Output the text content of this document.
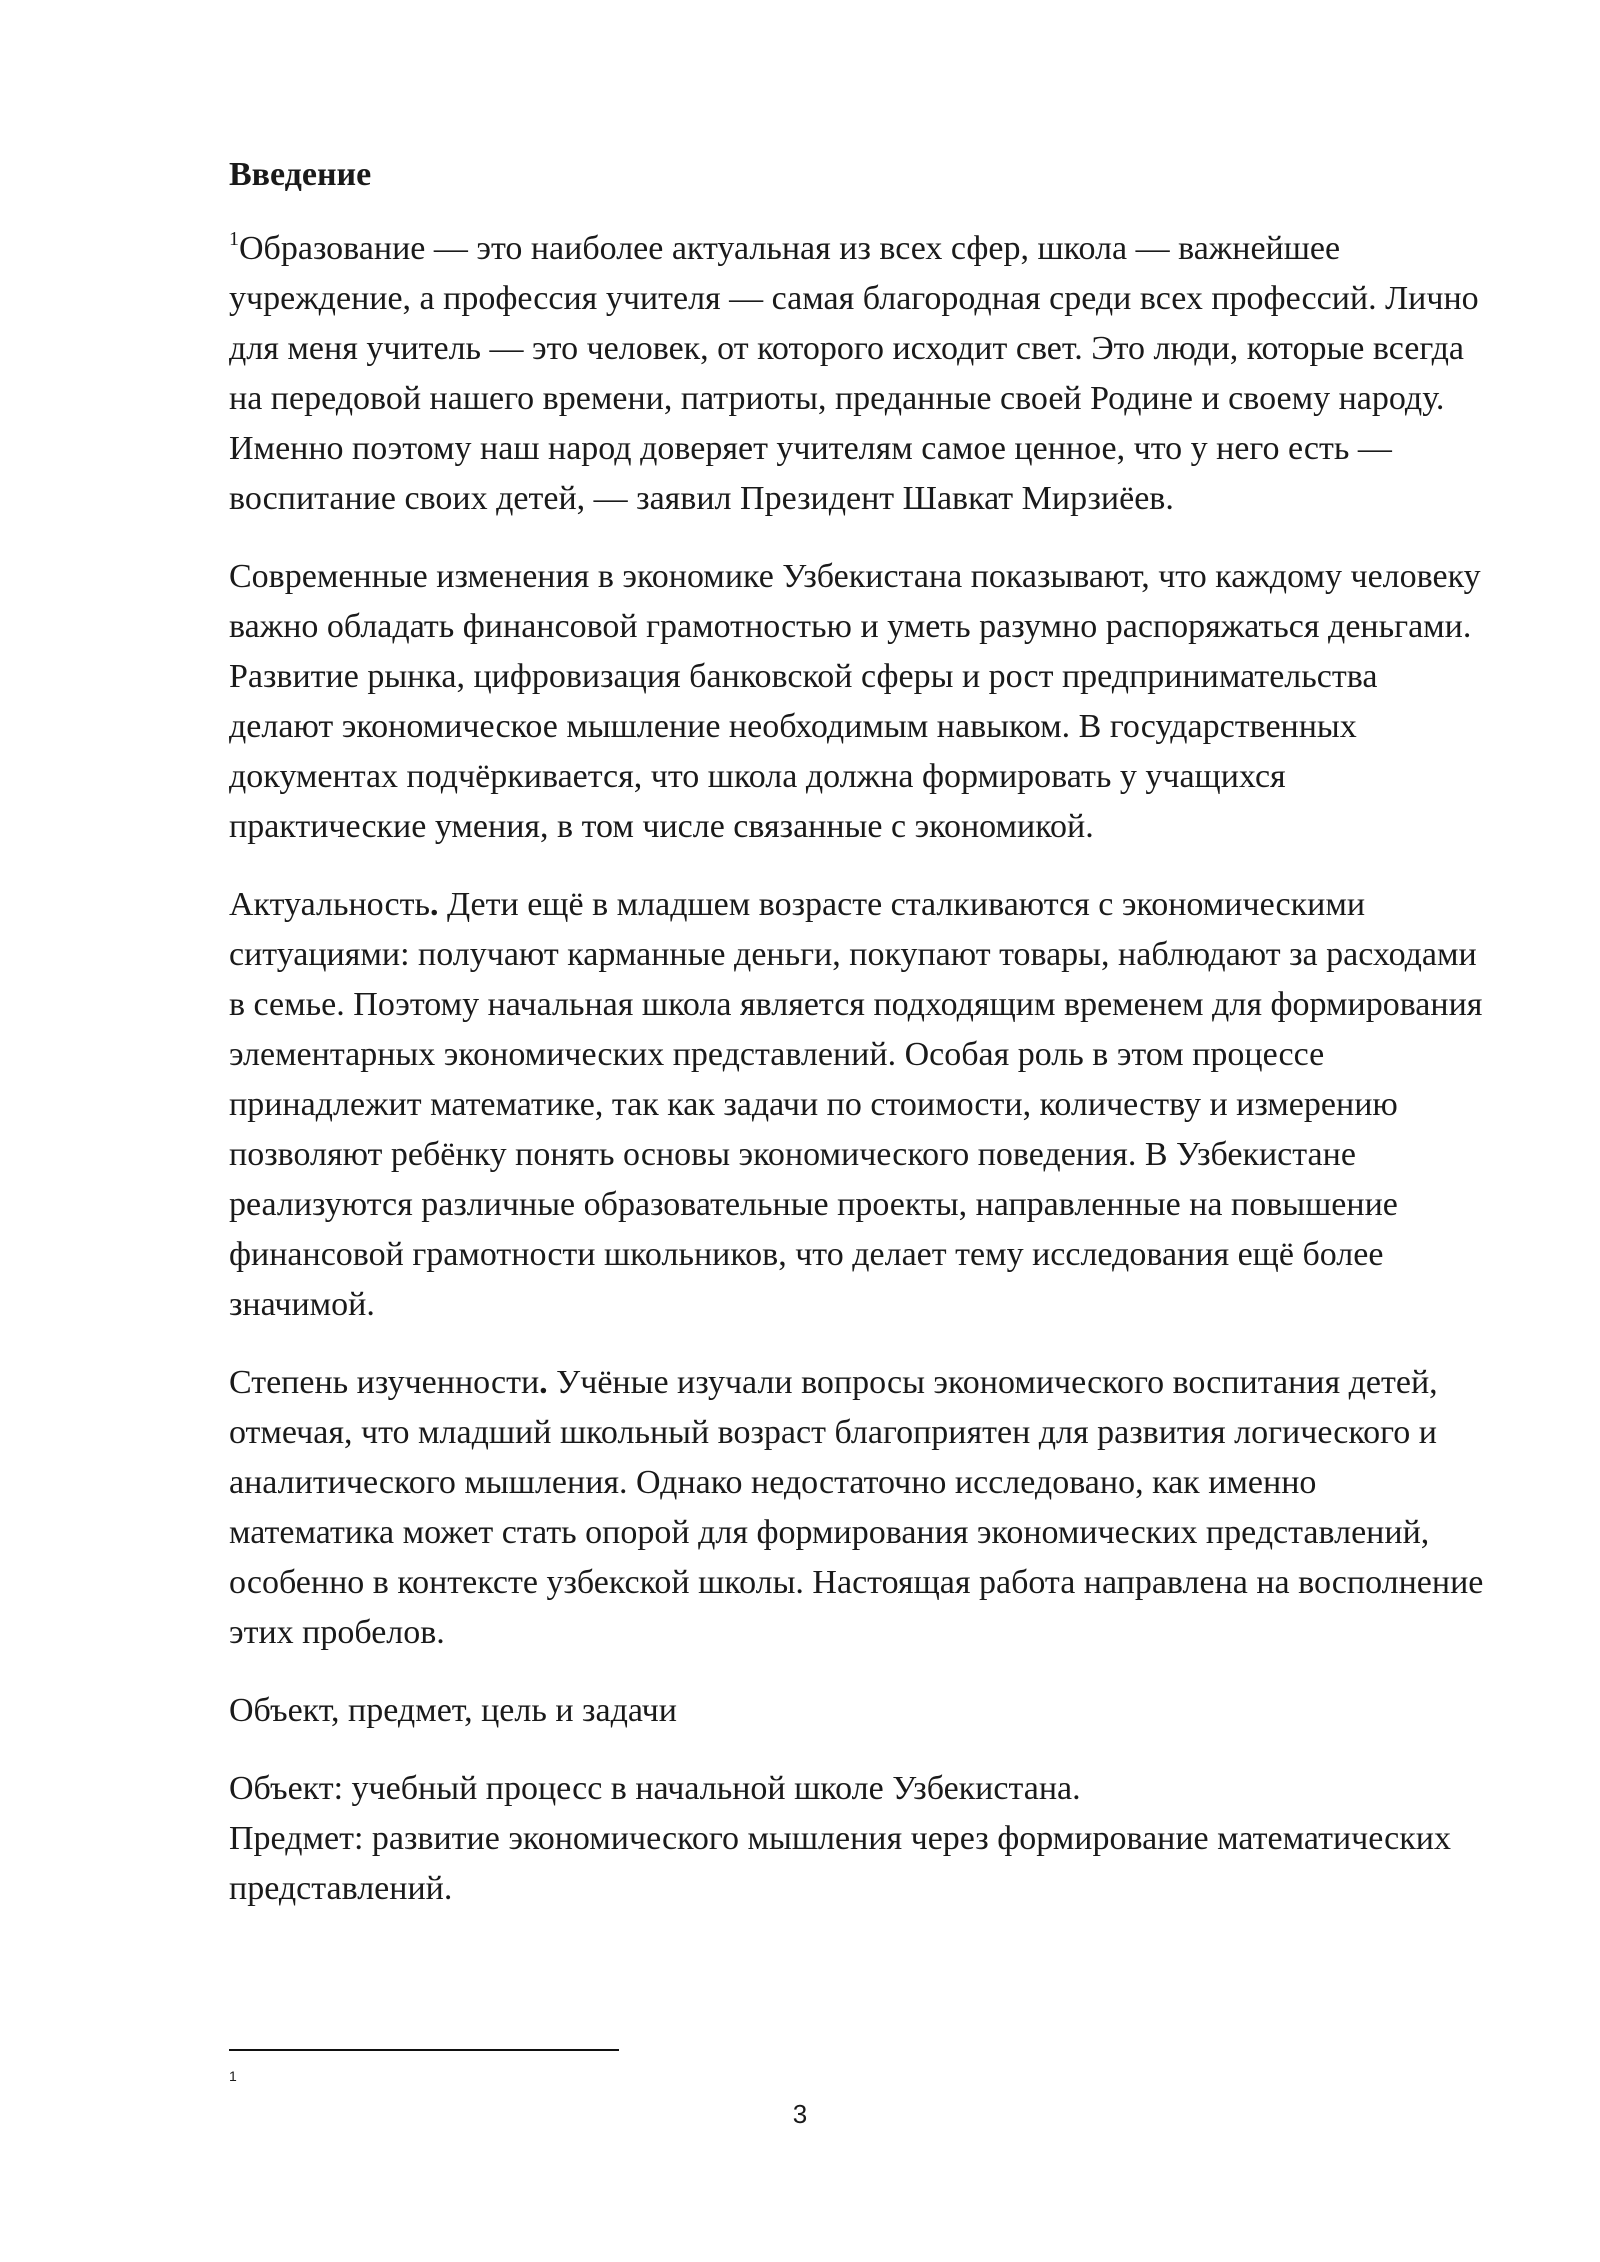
Введение

$^1$Образование — это наиболее актуальная из всех сфер, школа — важнейшее учреждение, а профессия учителя — самая благородная среди всех профессий. Лично для меня учитель — это человек, от которого исходит свет. Это люди, которые всегда на передовой нашего времени, патриоты, преданные своей Родине и своему народу. Именно поэтому наш народ доверяет учителям самое ценное, что у него есть — воспитание своих детей, — заявил Президент Шавкат Мирзиёев.

Современные изменения в экономике Узбекистана показывают, что каждому человеку важно обладать финансовой грамотностью и уметь разумно распоряжаться деньгами. Развитие рынка, цифровизация банковской сферы и рост предпринимательства делают экономическое мышление необходимым навыком. В государственных документах подчёркивается, что школа должна формировать у учащихся практические умения, в том числе связанные с экономикой.

Актуальность. Дети ещё в младшем возрасте сталкиваются с экономическими ситуациями: получают карманные деньги, покупают товары, наблюдают за расходами в семье. Поэтому начальная школа является подходящим временем для формирования элементарных экономических представлений. Особая роль в этом процессе принадлежит математике, так как задачи по стоимости, количеству и измерению позволяют ребёнку понять основы экономического поведения. В Узбекистане реализуются различные образовательные проекты, направленные на повышение финансовой грамотности школьников, что делает тему исследования ещё более значимой.

Степень изученности. Учёные изучали вопросы экономического воспитания детей, отмечая, что младший школьный возраст благоприятен для развития логического и аналитического мышления. Однако недостаточно исследовано, как именно математика может стать опорой для формирования экономических представлений, особенно в контексте узбекской школы. Настоящая работа направлена на восполнение этих пробелов.

Объект, предмет, цель и задачи

Объект: учебный процесс в начальной школе Узбекистана.

Предмет: развитие экономического мышления через формирование математических представлений.

1
3
